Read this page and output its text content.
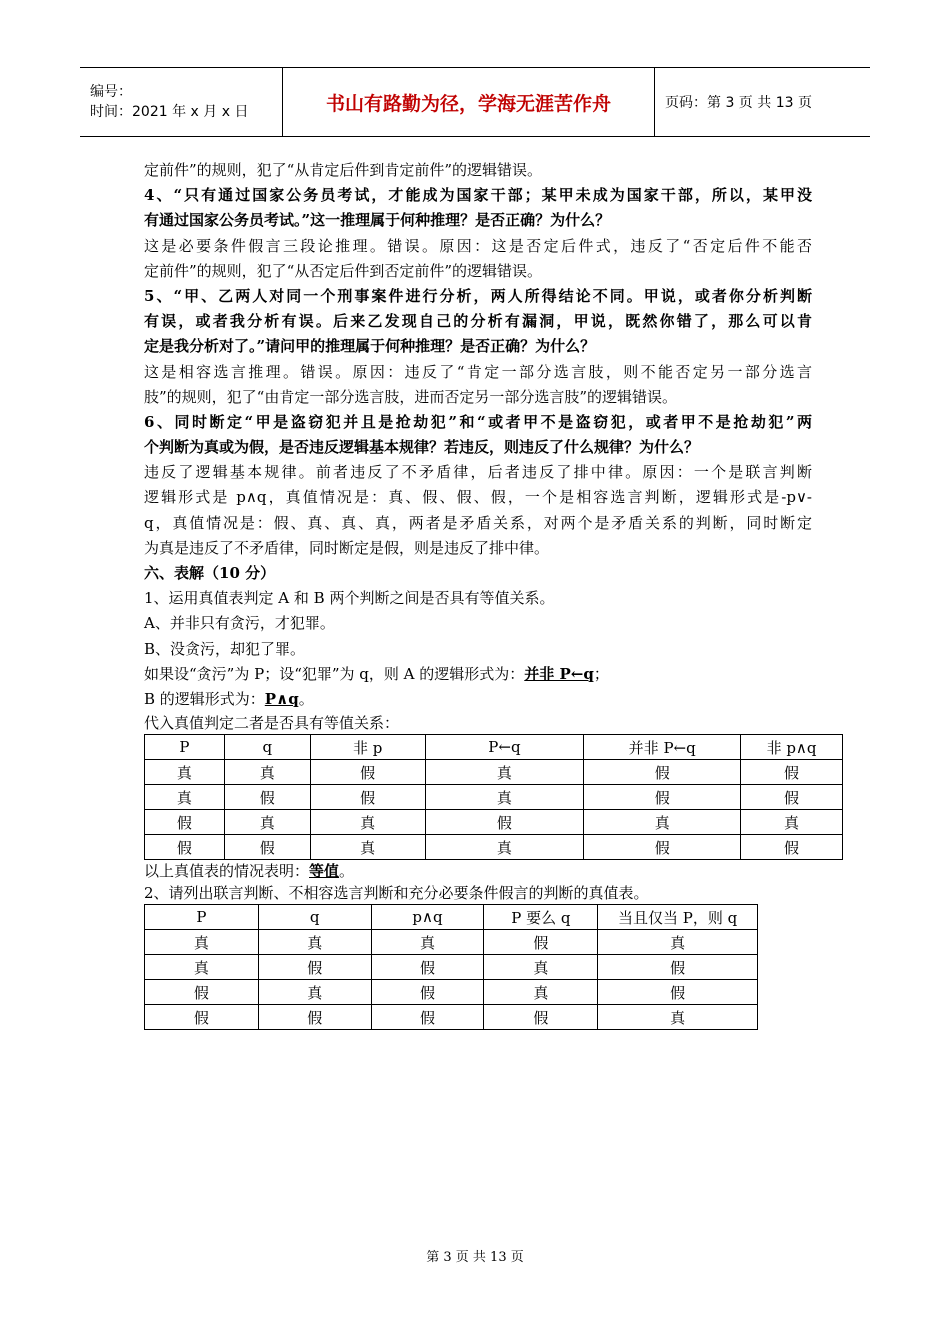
编号：
时间：2021 年 x 月 x 日	书山有路勤为径，学海无涯苦作舟	页码：第 3 页 共 13 页
定前件”的规则，犯了“从肯定后件到肯定前件”的逻辑错误。
4、“只有通过国家公务员考试，才能成为国家干部；某甲未成为国家干部，所以，某甲没
有通过国家公务员考试。”这一推理属于何种推理？是否正确？为什么？
这是必要条件假言三段论推理。错误。原因：这是否定后件式，违反了“否定后件不能否
定前件”的规则，犯了“从否定后件到否定前件”的逻辑错误。
5、“甲、乙两人对同一个刑事案件进行分析，两人所得结论不同。甲说，或者你分析判断
有误，或者我分析有误。后来乙发现自己的分析有漏洞，甲说，既然你错了，那么可以肯
定是我分析对了。”请问甲的推理属于何种推理？是否正确？为什么？
这是相容选言推理。错误。原因：违反了“肯定一部分选言肢，则不能否定另一部分选言
肢”的规则，犯了“由肯定一部分选言肢，进而否定另一部分选言肢”的逻辑错误。
6、同时断定“甲是盗窃犯并且是抢劫犯”和“或者甲不是盗窃犯，或者甲不是抢劫犯”两
个判断为真或为假，是否违反逻辑基本规律？若违反，则违反了什么规律？为什么？
违反了逻辑基本规律。前者违反了不矛盾律，后者违反了排中律。原因：一个是联言判断
逻辑形式是 p∧q，真值情况是：真、假、假、假，一个是相容选言判断，逻辑形式是-p∨-
q，真值情况是：假、真、真、真，两者是矛盾关系，对两个是矛盾关系的判断，同时断定
为真是违反了不矛盾律，同时断定是假，则是违反了排中律。
六、表解（10 分）
1、运用真值表判定 A 和 B 两个判断之间是否具有等值关系。
A、并非只有贪污，才犯罪。
B、没贪污，却犯了罪。
如果设“贪污”为 P；设“犯罪”为 q，则 A 的逻辑形式为：并非 P←q；
B 的逻辑形式为：P∧q。
代入真值判定二者是否具有等值关系：
P	q	非 p	P←q	并非 P←q	非 p∧q
真	真	假	真	假	假
真	假	假	真	假	假
假	真	真	假	真	真
假	假	真	真	假	假
以上真值表的情况表明：等值。
2、请列出联言判断、不相容选言判断和充分必要条件假言的判断的真值表。
P	q	p∧q	P 要么 q	当且仅当 P，则 q
真	真	真	假	真
真	假	假	真	假
假	真	假	真	假
假	假	假	假	真
第 3 页 共 13 页
